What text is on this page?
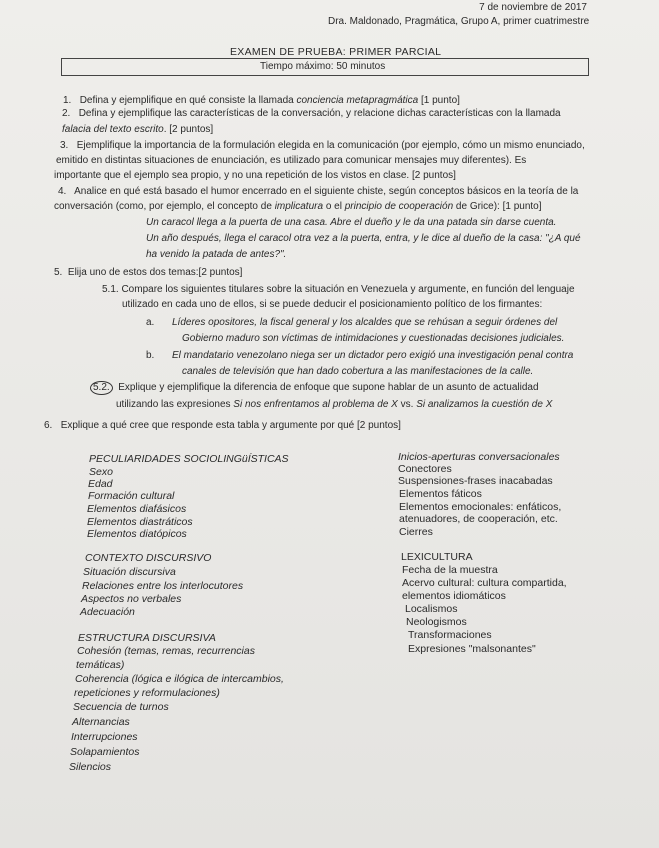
7 de noviembre de 2017
Dra. Maldonado, Pragmática, Grupo A, primer cuatrimestre
EXAMEN DE PRUEBA: PRIMER PARCIAL
Tiempo máximo: 50 minutos
1. Defina y ejemplifique en qué consiste la llamada conciencia metapragmática [1 punto]
2. Defina y ejemplifique las características de la conversación, y relacione dichas características con la llamada
falacia del texto escrito. [2 puntos]
3. Ejemplifique la importancia de la formulación elegida en la comunicación (por ejemplo, cómo un mismo enunciado,
emitido en distintas situaciones de enunciación, es utilizado para comunicar mensajes muy diferentes). Es
importante que el ejemplo sea propio, y no una repetición de los vistos en clase. [2 puntos]
4. Analice en qué está basado el humor encerrado en el siguiente chiste, según conceptos básicos en la teoría de la
conversación (como, por ejemplo, el concepto de implicatura o el principio de cooperación de Grice): [1 punto]
Un caracol llega a la puerta de una casa. Abre el dueño y le da una patada sin darse cuenta.
Un año después, llega el caracol otra vez a la puerta, entra, y le dice al dueño de la casa: "¿A qué
ha venido la patada de antes?".
5. Elija uno de estos dos temas:[2 puntos]
5.1. Compare los siguientes titulares sobre la situación en Venezuela y argumente, en función del lenguaje
utilizado en cada uno de ellos, si se puede deducir el posicionamiento político de los firmantes:
a. Líderes opositores, la fiscal general y los alcaldes que se rehúsan a seguir órdenes del
Gobierno maduro son víctimas de intimidaciones y cuestionadas decisiones judiciales.
b. El mandatario venezolano niega ser un dictador pero exigió una investigación penal contra
canales de televisión que han dado cobertura a las manifestaciones de la calle.
5.2. Explique y ejemplifique la diferencia de enfoque que supone hablar de un asunto de actualidad
utilizando las expresiones Si nos enfrentamos al problema de X vs. Si analizamos la cuestión de X
6. Explique a qué cree que responde esta tabla y argumente por qué [2 puntos]
PECULIARIDADES SOCIOLINGüÍSTICAS
Sexo
Edad
Formación cultural
Elementos diafásicos
Elementos diastráticos
Elementos diatópicos
CONTEXTO DISCURSIVO
Situación discursiva
Relaciones entre los interlocutores
Aspectos no verbales
Adecuación
ESTRUCTURA DISCURSIVA
Cohesión (temas, remas, recurrencias
temáticas)
Coherencia (lógica e ilógica de intercambios,
repeticiones y reformulaciones)
Secuencia de turnos
Alternancias
Interrupciones
Solapamientos
Silencios
Inicios-aperturas conversacionales
Conectores
Suspensiones-frases inacabadas
Elementos fáticos
Elementos emocionales: enfáticos,
atenuadores, de cooperación, etc.
Cierres
LEXICULTURA
Fecha de la muestra
Acervo cultural: cultura compartida,
elementos idiomáticos
Localismos
Neologismos
Transformaciones
Expresiones "malsonantes"
